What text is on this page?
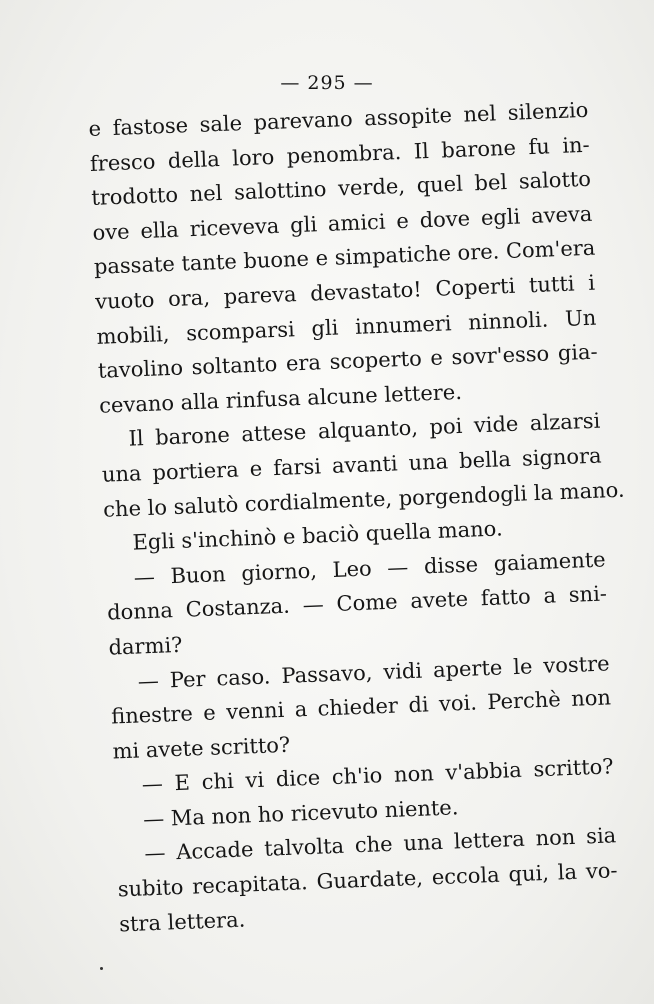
— 295 —
e fastose sale parevano assopite nel silenzio
fresco della loro penombra. Il barone fu in-
trodotto nel salottino verde, quel bel salotto
ove ella riceveva gli amici e dove egli aveva
passate tante buone e simpatiche ore. Com'era
vuoto ora, pareva devastato! Coperti tutti i
mobili, scomparsi gli innumeri ninnoli. Un
tavolino soltanto era scoperto e sovr'esso gia-
cevano alla rinfusa alcune lettere.
Il barone attese alquanto, poi vide alzarsi
una portiera e farsi avanti una bella signora
che lo salutò cordialmente, porgendogli la mano.
Egli s'inchinò e baciò quella mano.
— Buon giorno, Leo — disse gaiamente
donna Costanza. — Come avete fatto a sni-
darmi?
— Per caso. Passavo, vidi aperte le vostre
finestre e venni a chieder di voi. Perchè non
mi avete scritto?
— E chi vi dice ch'io non v'abbia scritto?
— Ma non ho ricevuto niente.
— Accade talvolta che una lettera non sia
subito recapitata. Guardate, eccola qui, la vo-
stra lettera.
